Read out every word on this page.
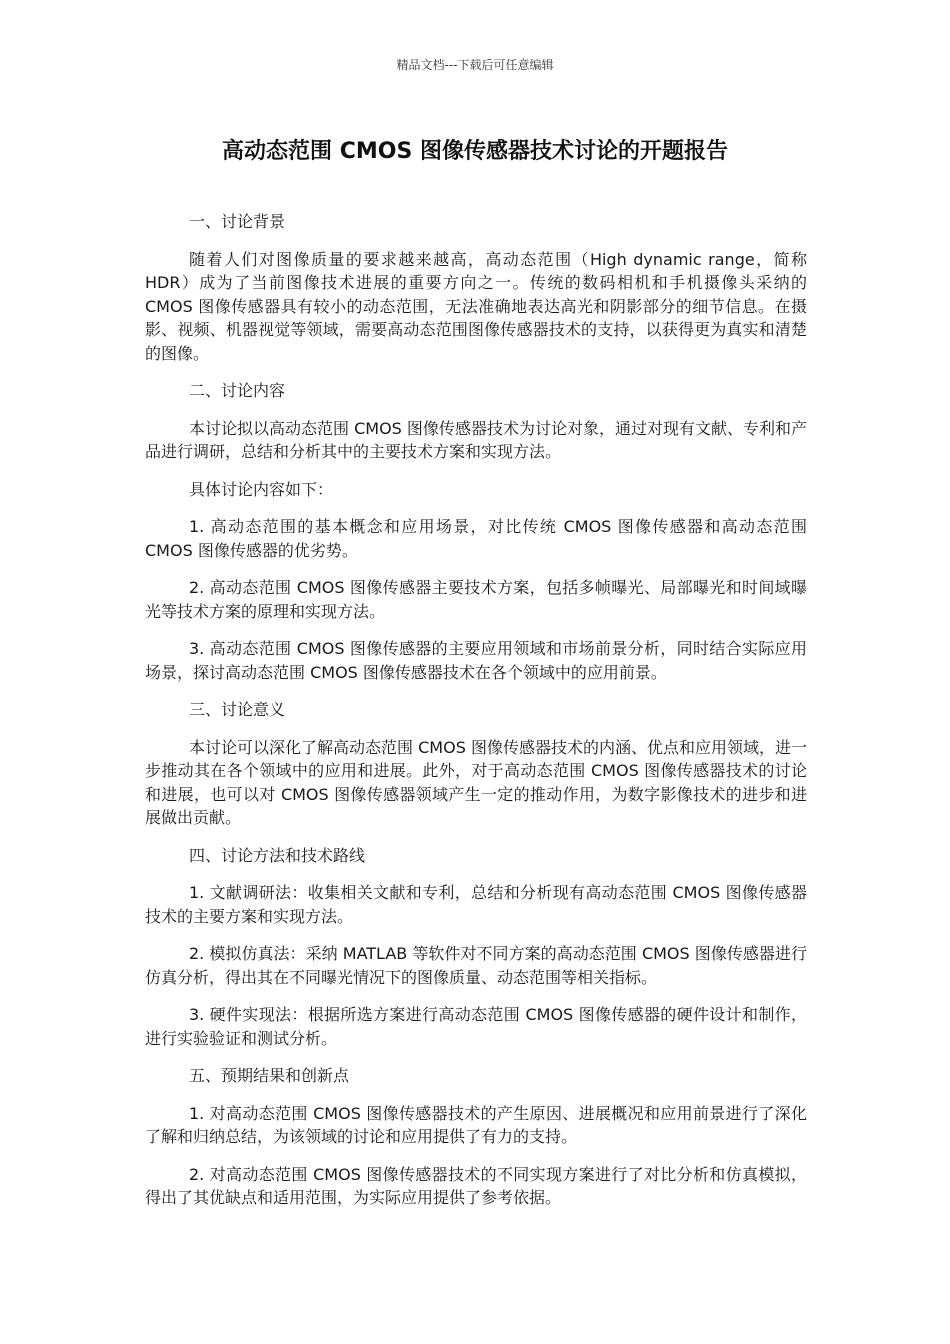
精品文档---下载后可任意编辑
高动态范围 CMOS 图像传感器技术讨论的开题报告

一、讨论背景

随着人们对图像质量的要求越来越高，高动态范围（High dynamic range，简称 HDR）成为了当前图像技术进展的重要方向之一。传统的数码相机和手机摄像头采纳的 CMOS 图像传感器具有较小的动态范围，无法准确地表达高光和阴影部分的细节信息。在摄影、视频、机器视觉等领域，需要高动态范围图像传感器技术的支持，以获得更为真实和清楚的图像。

二、讨论内容

本讨论拟以高动态范围 CMOS 图像传感器技术为讨论对象，通过对现有文献、专利和产品进行调研，总结和分析其中的主要技术方案和实现方法。

具体讨论内容如下：

1. 高动态范围的基本概念和应用场景，对比传统 CMOS 图像传感器和高动态范围 CMOS 图像传感器的优劣势。

2. 高动态范围 CMOS 图像传感器主要技术方案，包括多帧曝光、局部曝光和时间域曝光等技术方案的原理和实现方法。

3. 高动态范围 CMOS 图像传感器的主要应用领域和市场前景分析，同时结合实际应用场景，探讨高动态范围 CMOS 图像传感器技术在各个领域中的应用前景。

三、讨论意义

本讨论可以深化了解高动态范围 CMOS 图像传感器技术的内涵、优点和应用领域，进一步推动其在各个领域中的应用和进展。此外，对于高动态范围 CMOS 图像传感器技术的讨论和进展，也可以对 CMOS 图像传感器领域产生一定的推动作用，为数字影像技术的进步和进展做出贡献。

四、讨论方法和技术路线

1. 文献调研法：收集相关文献和专利，总结和分析现有高动态范围 CMOS 图像传感器技术的主要方案和实现方法。

2. 模拟仿真法：采纳 MATLAB 等软件对不同方案的高动态范围 CMOS 图像传感器进行仿真分析，得出其在不同曝光情况下的图像质量、动态范围等相关指标。

3. 硬件实现法：根据所选方案进行高动态范围 CMOS 图像传感器的硬件设计和制作，进行实验验证和测试分析。

五、预期结果和创新点

1. 对高动态范围 CMOS 图像传感器技术的产生原因、进展概况和应用前景进行了深化了解和归纳总结，为该领域的讨论和应用提供了有力的支持。

2. 对高动态范围 CMOS 图像传感器技术的不同实现方案进行了对比分析和仿真模拟，得出了其优缺点和适用范围，为实际应用提供了参考依据。
